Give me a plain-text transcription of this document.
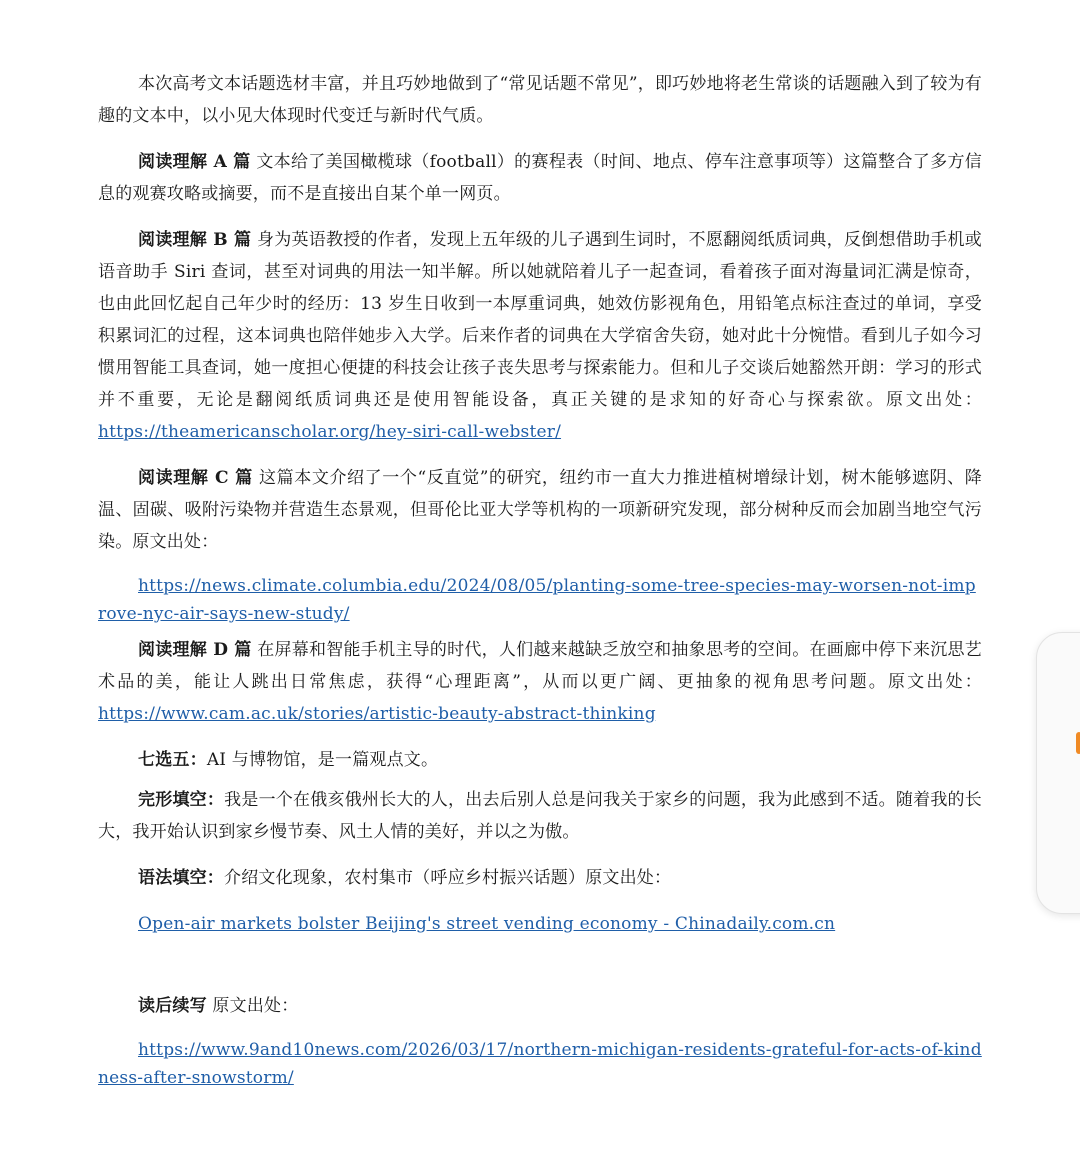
本次高考文本话题选材丰富，并且巧妙地做到了“常见话题不常见”，即巧妙地将老生常谈的话题融入到了较为有趣的文本中，以小见大体现时代变迁与新时代气质。

阅读理解 A 篇 文本给了美国橄榄球（football）的赛程表（时间、地点、停车注意事项等）这篇整合了多方信息的观赛攻略或摘要，而不是直接出自某个单一网页。

阅读理解 B 篇 身为英语教授的作者，发现上五年级的儿子遇到生词时，不愿翻阅纸质词典，反倒想借助手机或语音助手 Siri 查词，甚至对词典的用法一知半解。所以她就陪着儿子一起查词，看着孩子面对海量词汇满是惊奇，也由此回忆起自己年少时的经历：13 岁生日收到一本厚重词典，她效仿影视角色，用铅笔点标注查过的单词，享受积累词汇的过程，这本词典也陪伴她步入大学。后来作者的词典在大学宿舍失窃，她对此十分惋惜。看到儿子如今习惯用智能工具查词，她一度担心便捷的科技会让孩子丧失思考与探索能力。但和儿子交谈后她豁然开朗：学习的形式并不重要，无论是翻阅纸质词典还是使用智能设备，真正关键的是求知的好奇心与探索欲。原文出处： https://theamericanscholar.org/hey-siri-call-webster/

阅读理解 C 篇 这篇本文介绍了一个“反直觉”的研究，纽约市一直大力推进植树增绿计划，树木能够遮阴、降温、固碳、吸附污染物并营造生态景观，但哥伦比亚大学等机构的一项新研究发现，部分树种反而会加剧当地空气污染。原文出处：

https://news.climate.columbia.edu/2024/08/05/planting-some-tree-species-may-worsen-not-improve-nyc-air-says-new-study/

阅读理解 D 篇 在屏幕和智能手机主导的时代，人们越来越缺乏放空和抽象思考的空间。在画廊中停下来沉思艺术品的美，能让人跳出日常焦虑，获得“心理距离”，从而以更广阔、更抽象的视角思考问题。原文出处： https://www.cam.ac.uk/stories/artistic-beauty-abstract-thinking

七选五：AI 与博物馆，是一篇观点文。

完形填空：我是一个在俄亥俄州长大的人，出去后别人总是问我关于家乡的问题，我为此感到不适。随着我的长大，我开始认识到家乡慢节奏、风土人情的美好，并以之为傲。

语法填空：介绍文化现象，农村集市（呼应乡村振兴话题）原文出处：

Open-air markets bolster Beijing's street vending economy - Chinadaily.com.cn

读后续写 原文出处：

https://www.9and10news.com/2026/03/17/northern-michigan-residents-grateful-for-acts-of-kindness-after-snowstorm/
